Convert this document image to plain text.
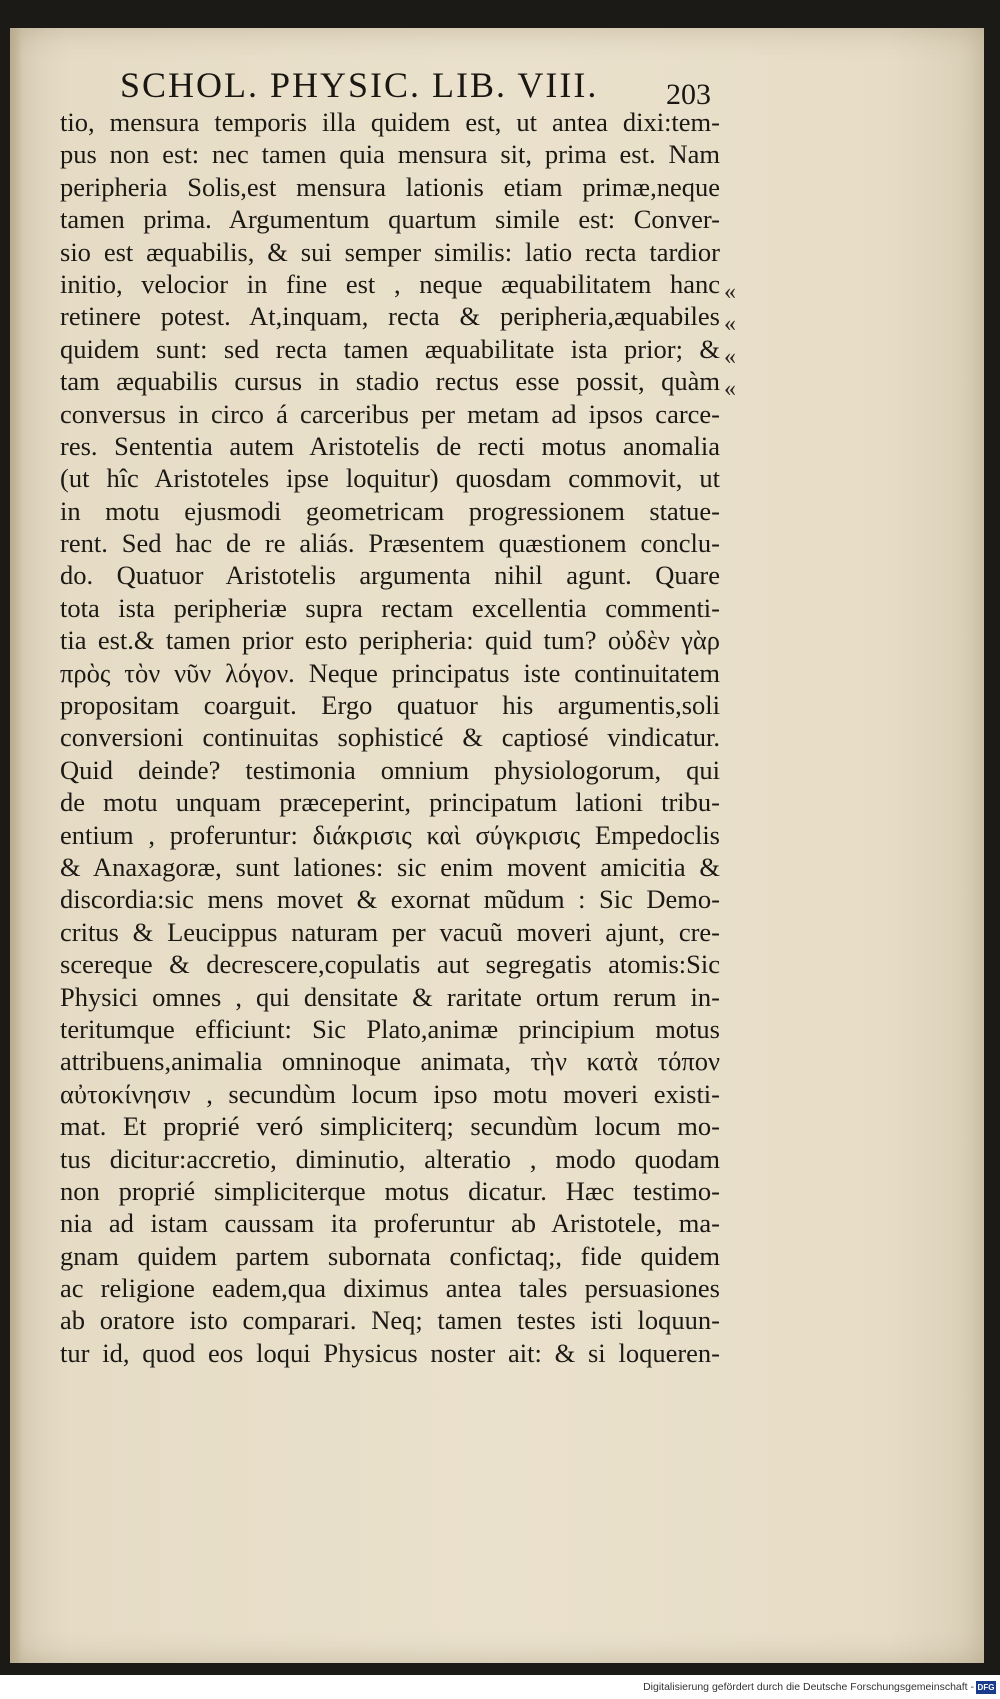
SCHOL. PHYSIC. LIB. VIII.	203
tio, mensura temporis illa quidem est, ut antea dixi:tem-
pus non est: nec tamen quia mensura sit, prima est. Nam
peripheria Solis,est mensura lationis etiam primæ,neque
tamen prima. Argumentum quartum simile est: Conver-
sio est æquabilis, & sui semper similis: latio recta tardior
initio, velocior in fine est , neque æquabilitatem hanc
retinere potest. At,inquam, recta & peripheria,æquabiles
quidem sunt: sed recta tamen æquabilitate ista prior; &
tam æquabilis cursus in stadio rectus esse possit, quàm
conversus in circo á carceribus per metam ad ipsos carce-
res. Sententia autem Aristotelis de recti motus anomalia
(ut hîc Aristoteles ipse loquitur) quosdam commovit, ut
in motu ejusmodi geometricam progressionem statue-
rent. Sed hac de re aliás. Præsentem quæstionem conclu-
do. Quatuor Aristotelis argumenta nihil agunt. Quare
tota ista peripheriæ supra rectam excellentia commenti-
tia est.& tamen prior esto peripheria: quid tum? οὐδὲν γὰρ
πρὸς τὸν νῦν λόγον. Neque principatus iste continuitatem
propositam coarguit. Ergo quatuor his argumentis,soli
conversioni continuitas sophisticé & captiosé vindicatur.
Quid deinde? testimonia omnium physiologorum, qui
de motu unquam præceperint, principatum lationi tribu-
entium , proferuntur: διάκρισις καὶ σύγκρισις Empedoclis
& Anaxagoræ, sunt lationes: sic enim movent amicitia &
discordia:sic mens movet & exornat mũdum : Sic Demo-
critus & Leucippus naturam per vacuũ moveri ajunt, cre-
scereque & decrescere,copulatis aut segregatis atomis:Sic
Physici omnes , qui densitate & raritate ortum rerum in-
teritumque efficiunt: Sic Plato,animæ principium motus
attribuens,animalia omninoque animata, τὴν κατὰ τόπον
αὐτοκίνησιν , secundùm locum ipso motu moveri existi-
mat. Et proprié veró simpliciterq; secundùm locum mo-
tus dicitur:accretio, diminutio, alteratio , modo quodam
non proprié simpliciterque motus dicatur. Hæc testimo-
nia ad istam caussam ita proferuntur ab Aristotele, ma-
gnam quidem partem subornata confictaq;, fide quidem
ac religione eadem,qua diximus antea tales persuasiones
ab oratore isto comparari. Neq; tamen testes isti loquun-
tur id, quod eos loqui Physicus noster ait: & si loqueren-
«
«
«
«
Digitalisierung gefördert durch die Deutsche Forschungsgemeinschaft - DFG
